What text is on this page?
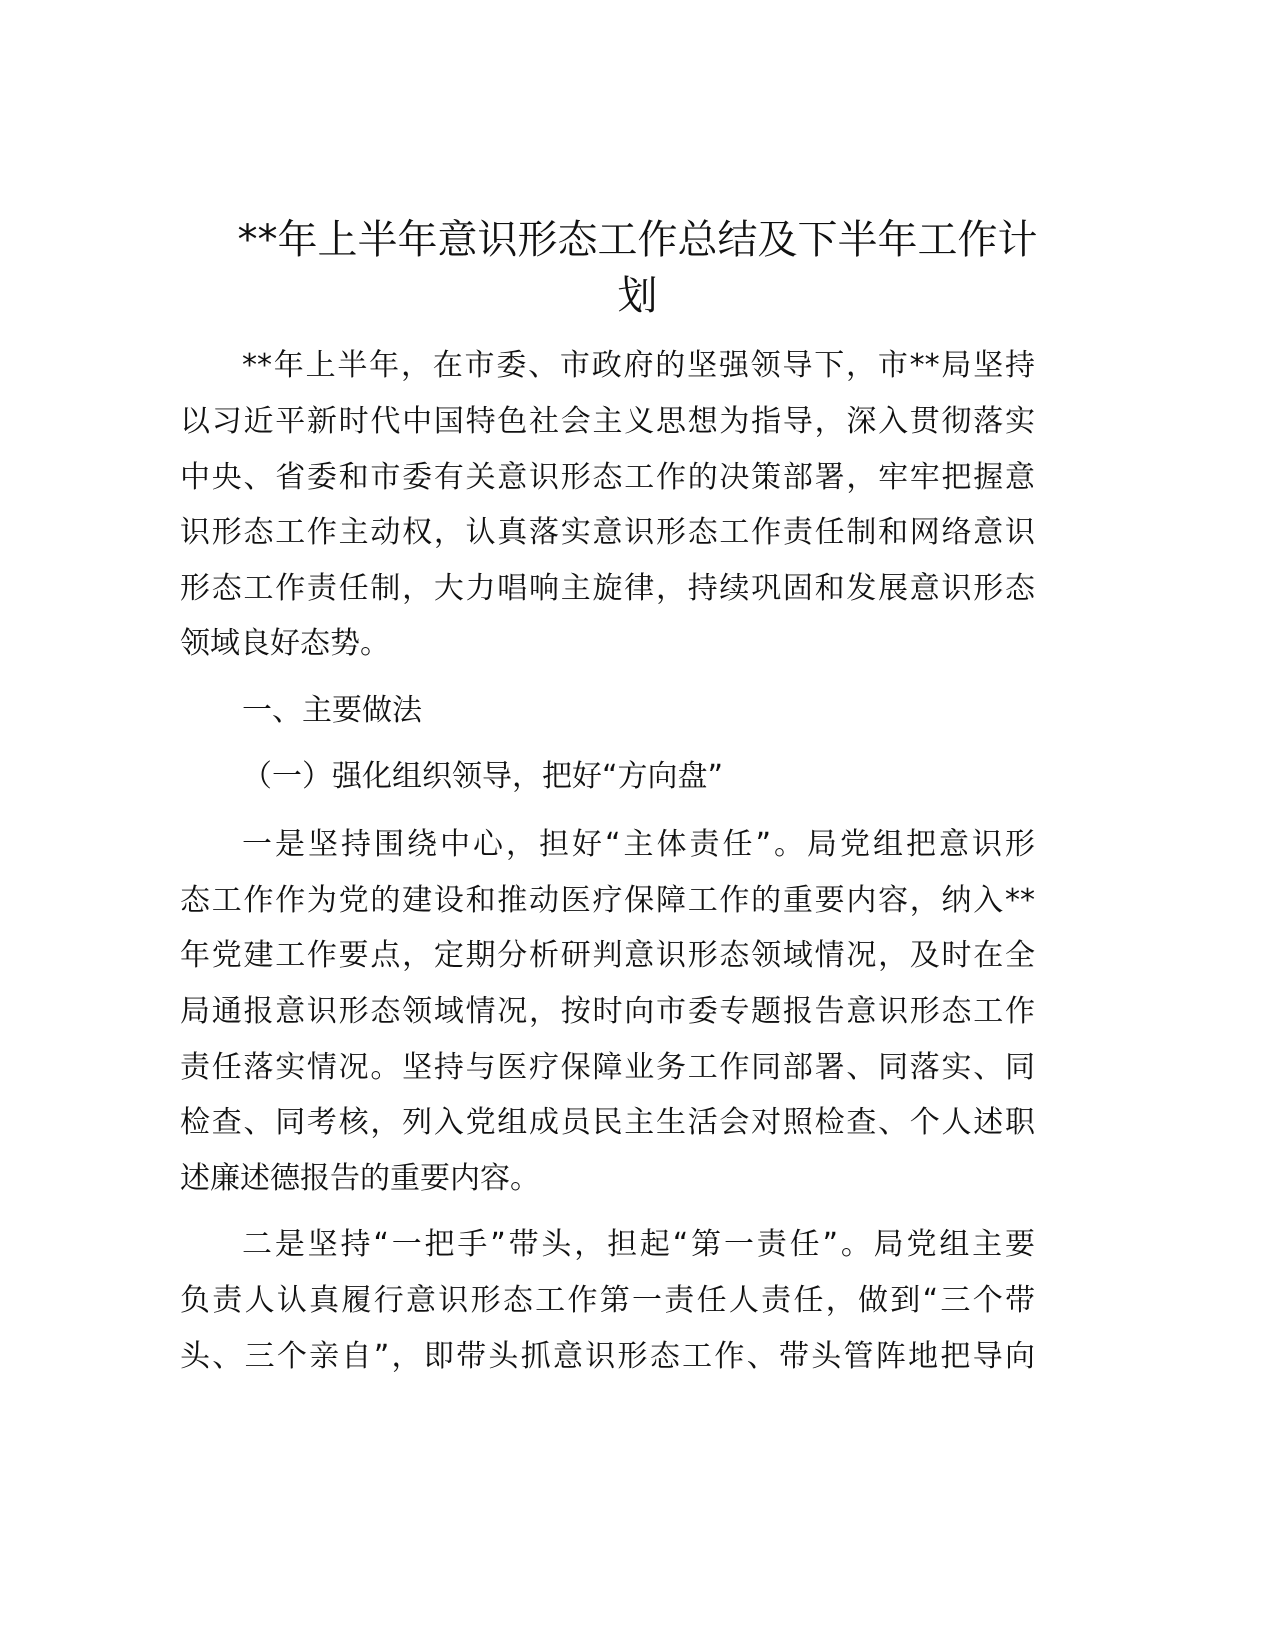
**年上半年意识形态工作总结及下半年工作计
划
**年上半年，在市委、市政府的坚强领导下，市**局坚持
以习近平新时代中国特色社会主义思想为指导，深入贯彻落实
中央、省委和市委有关意识形态工作的决策部署，牢牢把握意
识形态工作主动权，认真落实意识形态工作责任制和网络意识
形态工作责任制，大力唱响主旋律，持续巩固和发展意识形态
领域良好态势。
一、主要做法
（一）强化组织领导，把好“方向盘”
一是坚持围绕中心，担好“主体责任”。局党组把意识形
态工作作为党的建设和推动医疗保障工作的重要内容，纳入**
年党建工作要点，定期分析研判意识形态领域情况，及时在全
局通报意识形态领域情况，按时向市委专题报告意识形态工作
责任落实情况。坚持与医疗保障业务工作同部署、同落实、同
检查、同考核，列入党组成员民主生活会对照检查、个人述职
述廉述德报告的重要内容。
二是坚持“一把手”带头，担起“第一责任”。局党组主要
负责人认真履行意识形态工作第一责任人责任，做到“三个带
头、三个亲自”，即带头抓意识形态工作、带头管阵地把导向
